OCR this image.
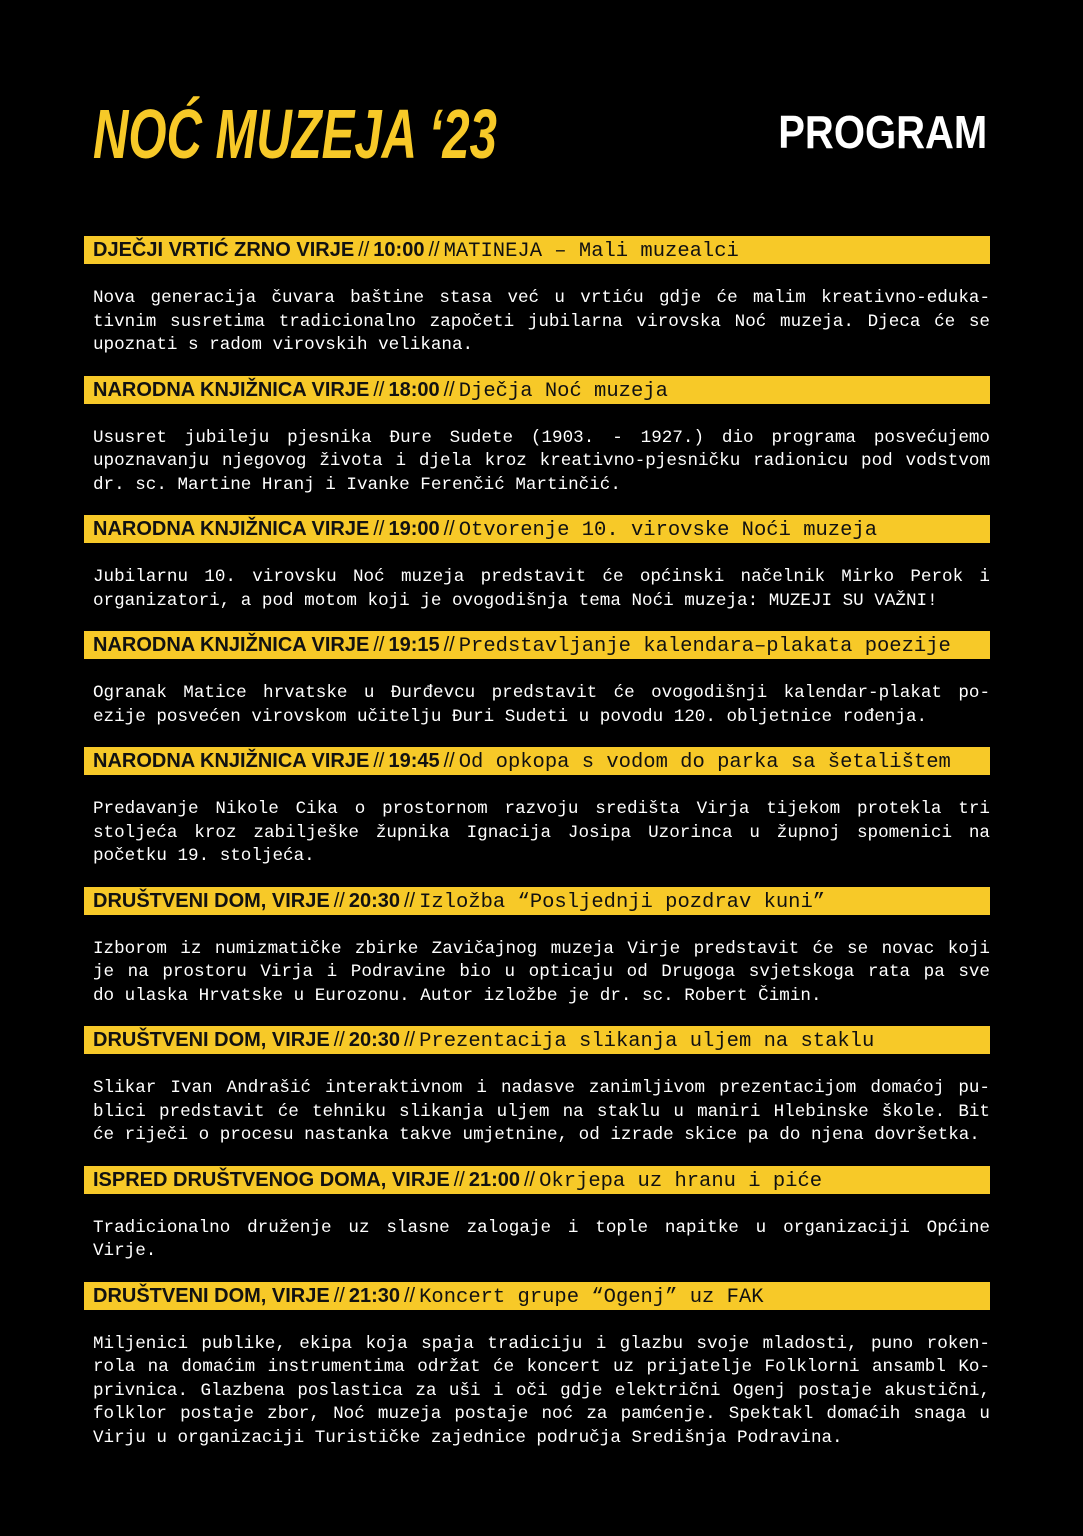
NOĆ MUZEJA ‘23	PROGRAM
DJEČJI VRTIĆ ZRNO VIRJE // 10:00 // MATINEJA – Mali muzealci
Nova generacija čuvara baštine stasa već u vrtiću gdje će malim kreativno-eduka-
tivnim susretima tradicionalno započeti jubilarna virovska Noć muzeja. Djeca će se
upoznati s radom virovskih velikana.
NARODNA KNJIŽNICA VIRJE // 18:00 // Dječja Noć muzeja
Ususret jubileju pjesnika Đure Sudete (1903. - 1927.) dio programa posvećujemo
upoznavanju njegovog života i djela kroz kreativno-pjesničku radionicu pod vodstvom
dr. sc. Martine Hranj i Ivanke Ferenčić Martinčić.
NARODNA KNJIŽNICA VIRJE // 19:00 // Otvorenje 10. virovske Noći muzeja
Jubilarnu 10. virovsku Noć muzeja predstavit će općinski načelnik Mirko Perok i
organizatori, a pod motom koji je ovogodišnja tema Noći muzeja: MUZEJI SU VAŽNI!
NARODNA KNJIŽNICA VIRJE // 19:15 // Predstavljanje kalendara–plakata poezije
Ogranak Matice hrvatske u Đurđevcu predstavit će ovogodišnji kalendar-plakat po-
ezije posvećen virovskom učitelju Đuri Sudeti u povodu 120. obljetnice rođenja.
NARODNA KNJIŽNICA VIRJE // 19:45 // Od opkopa s vodom do parka sa šetalištem
Predavanje Nikole Cika o prostornom razvoju središta Virja tijekom protekla tri
stoljeća kroz zabilješke župnika Ignacija Josipa Uzorinca u župnoj spomenici na
početku 19. stoljeća.
DRUŠTVENI DOM, VIRJE // 20:30 // Izložba “Posljednji pozdrav kuni”
Izborom iz numizmatičke zbirke Zavičajnog muzeja Virje predstavit će se novac koji
je na prostoru Virja i Podravine bio u opticaju od Drugoga svjetskoga rata pa sve
do ulaska Hrvatske u Eurozonu. Autor izložbe je dr. sc. Robert Čimin.
DRUŠTVENI DOM, VIRJE // 20:30 // Prezentacija slikanja uljem na staklu
Slikar Ivan Andrašić interaktivnom i nadasve zanimljivom prezentacijom domaćoj pu-
blici predstavit će tehniku slikanja uljem na staklu u maniri Hlebinske škole. Bit
će riječi o procesu nastanka takve umjetnine, od izrade skice pa do njena dovršetka.
ISPRED DRUŠTVENOG DOMA, VIRJE // 21:00 // Okrjepa uz hranu i piće
Tradicionalno druženje uz slasne zalogaje i tople napitke u organizaciji Općine
Virje.
DRUŠTVENI DOM, VIRJE // 21:30 // Koncert grupe “Ogenj” uz FAK
Miljenici publike, ekipa koja spaja tradiciju i glazbu svoje mladosti, puno roken-
rola na domaćim instrumentima održat će koncert uz prijatelje Folklorni ansambl Ko-
privnica. Glazbena poslastica za uši i oči gdje električni Ogenj postaje akustični,
folklor postaje zbor, Noć muzeja postaje noć za pamćenje. Spektakl domaćih snaga u
Virju u organizaciji Turističke zajednice područja Središnja Podravina.
